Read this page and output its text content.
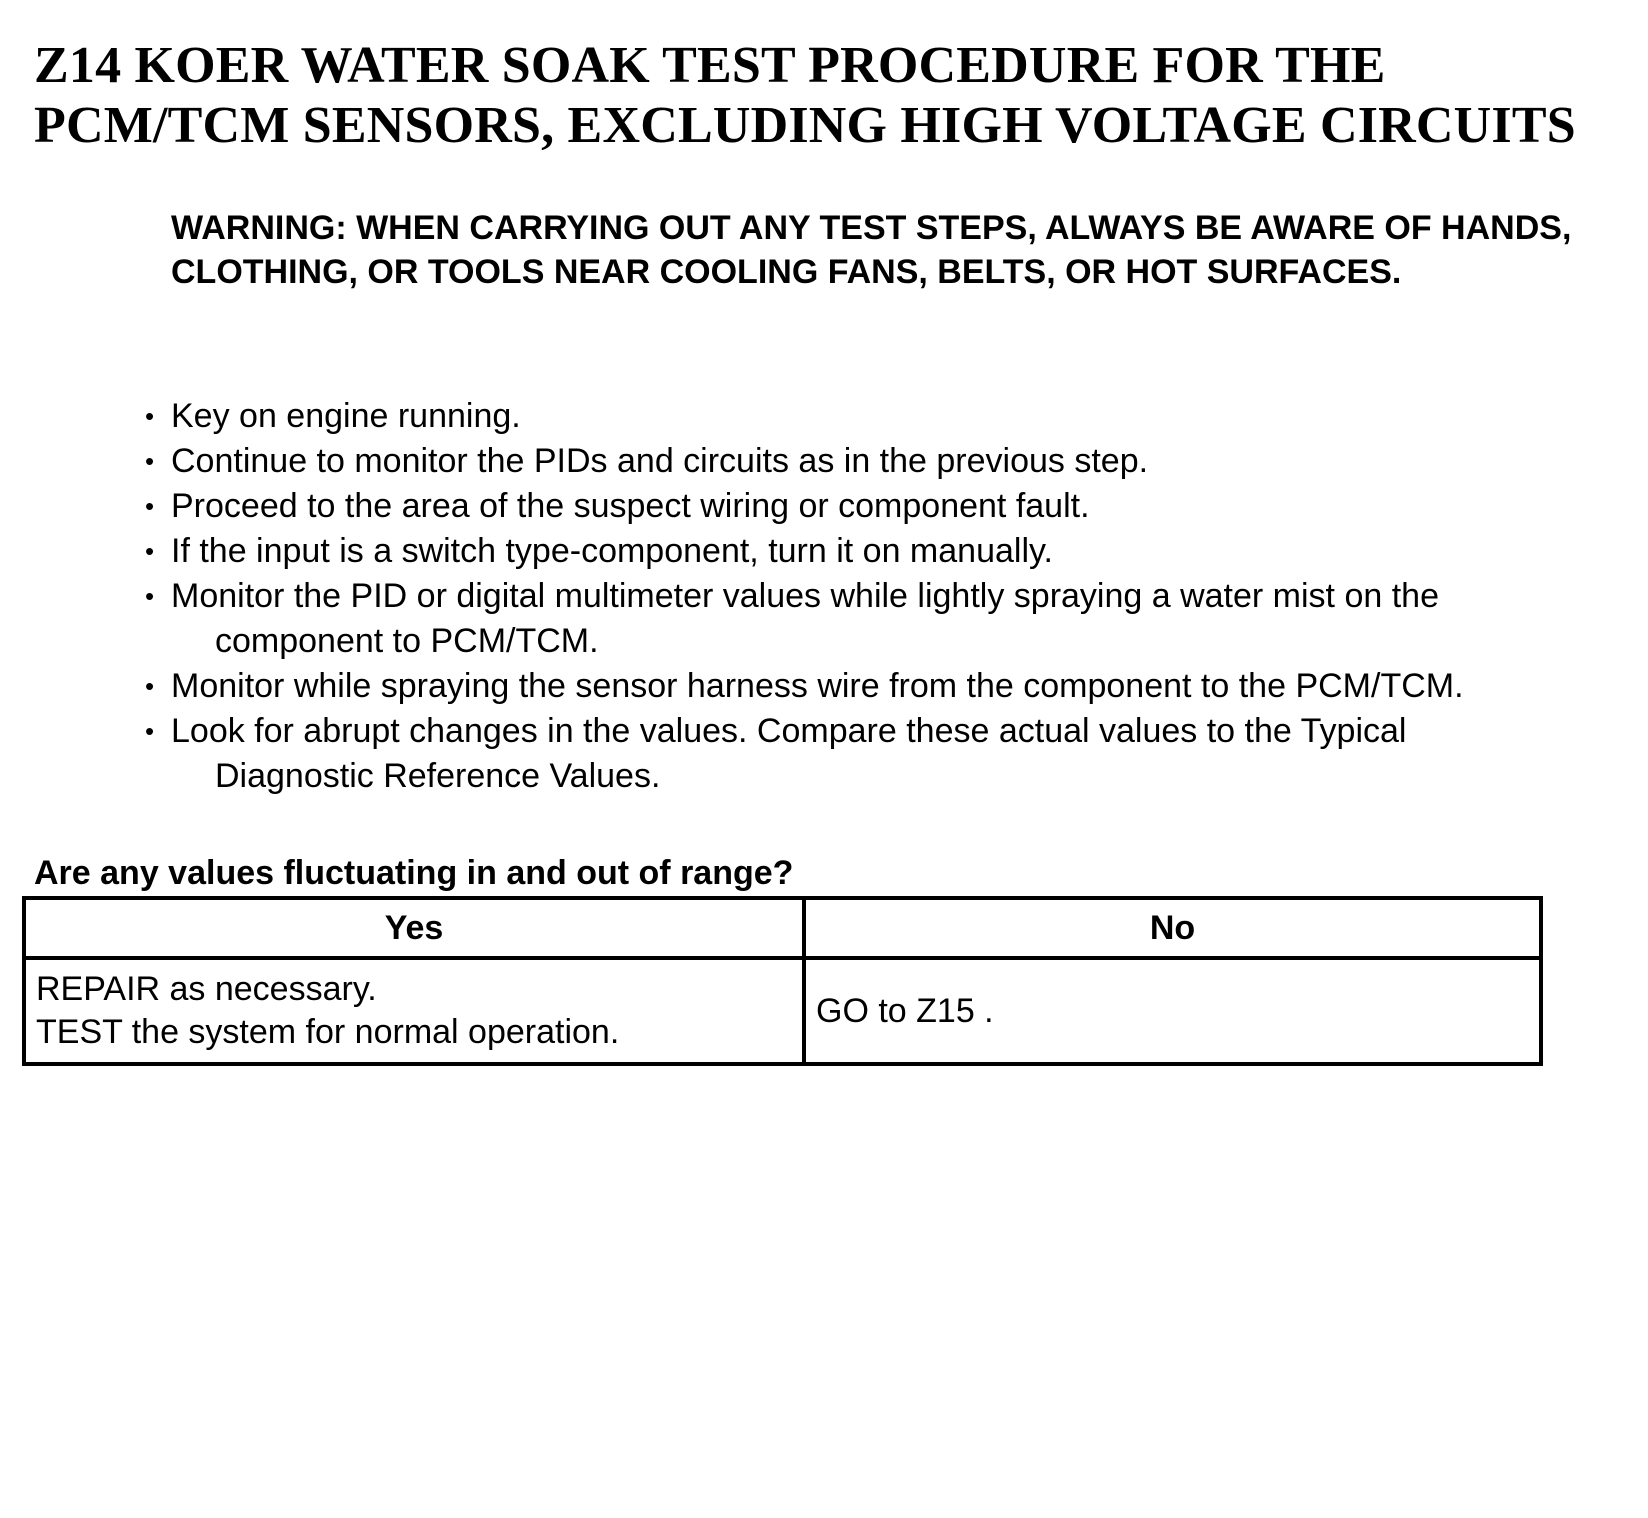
Z14 KOER WATER SOAK TEST PROCEDURE FOR THE
PCM/TCM SENSORS, EXCLUDING HIGH VOLTAGE CIRCUITS

WARNING: WHEN CARRYING OUT ANY TEST STEPS, ALWAYS BE AWARE OF HANDS, CLOTHING, OR TOOLS NEAR COOLING FANS, BELTS, OR HOT SURFACES.

• Key on engine running.
• Continue to monitor the PIDs and circuits as in the previous step.
• Proceed to the area of the suspect wiring or component fault.
• If the input is a switch type-component, turn it on manually.
• Monitor the PID or digital multimeter values while lightly spraying a water mist on the
component to PCM/TCM.
• Monitor while spraying the sensor harness wire from the component to the PCM/TCM.
• Look for abrupt changes in the values. Compare these actual values to the Typical
Diagnostic Reference Values.

Are any values fluctuating in and out of range?

Yes	No

REPAIR as necessary.
TEST the system for normal operation.	GO to Z15 .
